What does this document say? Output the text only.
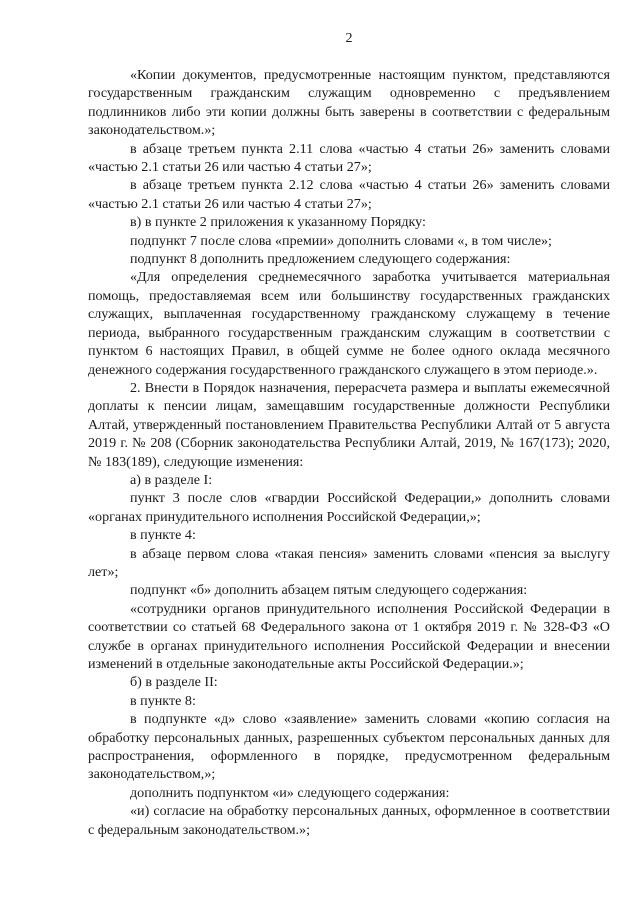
2

«Копии документов, предусмотренные настоящим пунктом, представляются государственным гражданским служащим одновременно с предъявлением подлинников либо эти копии должны быть заверены в соответствии с федеральным законодательством.»;

в абзаце третьем пункта 2.11 слова «частью 4 статьи 26» заменить словами «частью 2.1 статьи 26 или частью 4 статьи 27»;

в абзаце третьем пункта 2.12 слова «частью 4 статьи 26» заменить словами «частью 2.1 статьи 26 или частью 4 статьи 27»;

в) в пункте 2 приложения к указанному Порядку:

подпункт 7 после слова «премии» дополнить словами «, в том числе»;

подпункт 8 дополнить предложением следующего содержания:

«Для определения среднемесячного заработка учитывается материальная помощь, предоставляемая всем или большинству государственных гражданских служащих, выплаченная государственному гражданскому служащему в течение периода, выбранного государственным гражданским служащим в соответствии с пунктом 6 настоящих Правил, в общей сумме не более одного оклада месячного денежного содержания государственного гражданского служащего в этом периоде.».

2. Внести в Порядок назначения, перерасчета размера и выплаты ежемесячной доплаты к пенсии лицам, замещавшим государственные должности Республики Алтай, утвержденный постановлением Правительства Республики Алтай от 5 августа 2019 г. № 208 (Сборник законодательства Республики Алтай, 2019, № 167(173); 2020, № 183(189), следующие изменения:

а) в разделе I:

пункт 3 после слов «гвардии Российской Федерации,» дополнить словами «органах принудительного исполнения Российской Федерации,»;

в пункте 4:

в абзаце первом слова «такая пенсия» заменить словами «пенсия за выслугу лет»;

подпункт «б» дополнить абзацем пятым следующего содержания:

«сотрудники органов принудительного исполнения Российской Федерации в соответствии со статьей 68 Федерального закона от 1 октября 2019 г. № 328-ФЗ «О службе в органах принудительного исполнения Российской Федерации и внесении изменений в отдельные законодательные акты Российской Федерации.»;

б) в разделе II:

в пункте 8:

в подпункте «д» слово «заявление» заменить словами «копию согласия на обработку персональных данных, разрешенных субъектом персональных данных для распространения, оформленного в порядке, предусмотренном федеральным законодательством,»;

дополнить подпунктом «и» следующего содержания:

«и) согласие на обработку персональных данных, оформленное в соответствии с федеральным законодательством.»;
